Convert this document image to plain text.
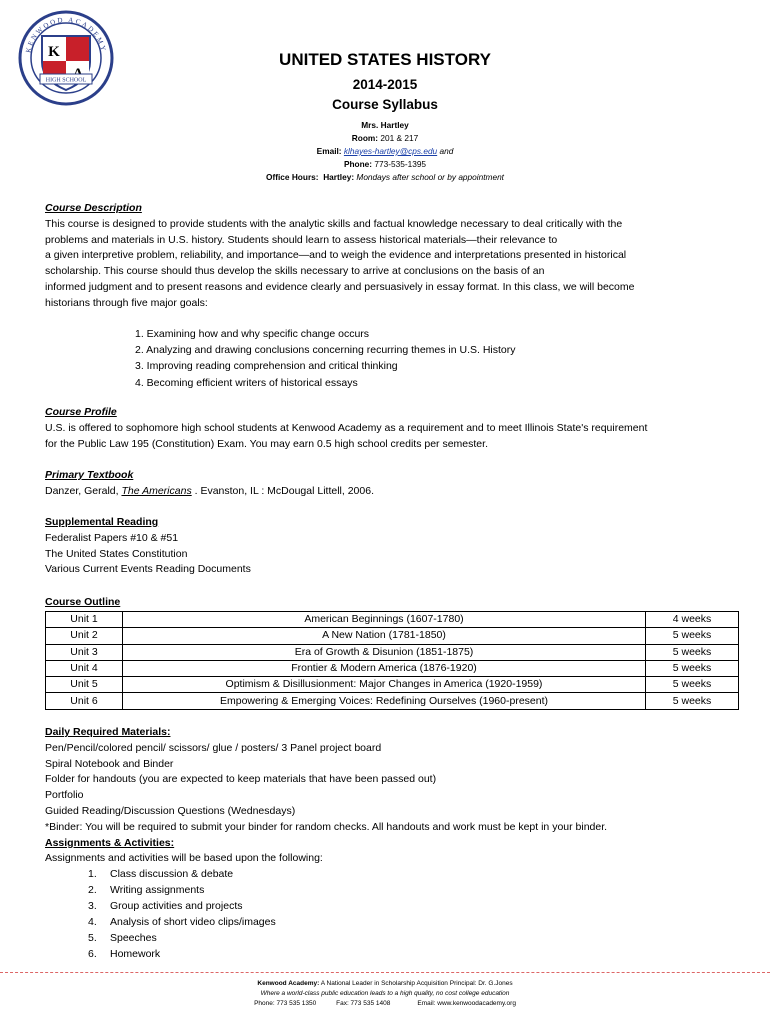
K
HIGH SCHOOL
KENWOOD ACADEMY
UNITED STATES HISTORY
2014-2015
Course Syllabus
Mrs. Hartley
Room: 201 & 217
Email: klhayes-hartley@cps.edu and
Phone: 773-535-1395
Office Hours: Hartley: Mondays after school or by appointment
Course Description
This course is designed to provide students with the analytic skills and factual knowledge necessary to deal critically with the
problems and materials in U.S. history. Students should learn to assess historical materials—their relevance to
a given interpretive problem, reliability, and importance—and to weigh the evidence and interpretations presented in historical
scholarship. This course should thus develop the skills necessary to arrive at conclusions on the basis of an
informed judgment and to present reasons and evidence clearly and persuasively in essay format. In this class, we will become
historians through five major goals:
1. Examining how and why specific change occurs
2. Analyzing and drawing conclusions concerning recurring themes in U.S. History
3. Improving reading comprehension and critical thinking
4. Becoming efficient writers of historical essays
Course Profile
U.S. is offered to sophomore high school students at Kenwood Academy as a requirement and to meet Illinois State's requirement
for the Public Law 195 (Constitution) Exam. You may earn 0.5 high school credits per semester.
Primary Textbook
Danzer, Gerald, The Americans . Evanston, IL : McDougal Littell, 2006.
Supplemental Reading
Federalist Papers #10 & #51
The United States Constitution
Various Current Events Reading Documents
Course Outline
Unit 1	American Beginnings (1607-1780)	4 weeks
Unit 2	A New Nation (1781-1850)	5 weeks
Unit 3	Era of Growth & Disunion (1851-1875)	5 weeks
Unit 4	Frontier & Modern America (1876-1920)	5 weeks
Unit 5	Optimism & Disillusionment: Major Changes in America (1920-1959)	5 weeks
Unit 6	Empowering & Emerging Voices: Redefining Ourselves (1960-present)	5 weeks
Daily Required Materials:
Pen/Pencil/colored pencil/ scissors/ glue / posters/ 3 Panel project board
Spiral Notebook and Binder
Folder for handouts (you are expected to keep materials that have been passed out)
Portfolio
Guided Reading/Discussion Questions (Wednesdays)
*Binder: You will be required to submit your binder for random checks. All handouts and work must be kept in your binder.
Assignments & Activities:
Assignments and activities will be based upon the following:
1. Class discussion & debate
2. Writing assignments
3. Group activities and projects
4. Analysis of short video clips/images
5. Speeches
6. Homework
Kenwood Academy: A National Leader in Scholarship Acquisition Principal: Dr. G.Jones
Where a world-class public education leads to a high quality, no cost college education
Phone: 773 535 1350	Fax: 773 535 1408	Email: www.kenwoodacademy.org
